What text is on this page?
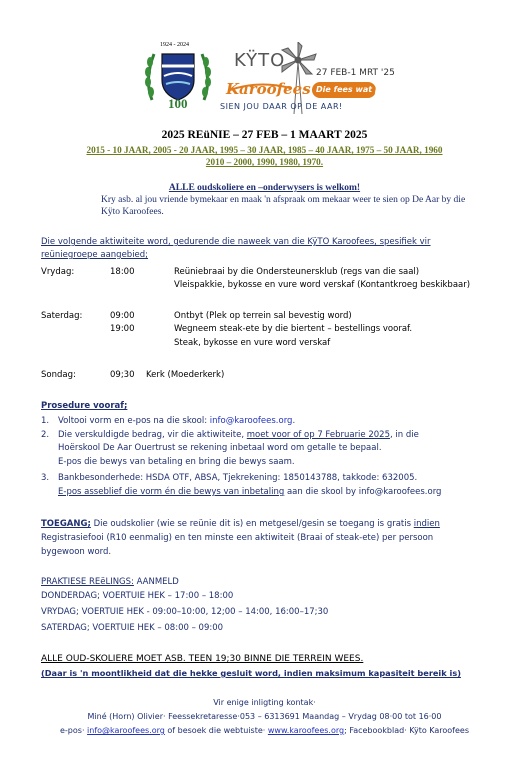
1924 - 2024
100
KŸTO
Karoofees
27 FEB-1 MRT '25
Die fees wat pomp
SIEN JOU DAAR OP DE AAR!
2025 REüNIE – 27 FEB – 1 MAART 2025
2015 - 10 JAAR, 2005 - 20 JAAR, 1995 – 30 JAAR, 1985 – 40 JAAR, 1975 – 50 JAAR, 1960
2010 – 2000, 1990, 1980, 1970.
ALLE oudskoliere en –onderwysers is welkom!
Kry asb. al jou vriende bymekaar en maak 'n afspraak om mekaar weer te sien op De Aar by die
Kÿto Karoofees.
Die volgende aktiwiteite word, gedurende die naweek van die KÿTO Karoofees, spesifiek vir
reüniegroepe aangebied;
Vrydag:	18:00	Reüniebraai by die Ondersteunersklub (regs van die saal)
Vleispakkie, bykosse en vure word verskaf (Kontantkroeg beskikbaar)
Saterdag:	09:00	Ontbyt (Plek op terrein sal bevestig word)
19:00	Wegneem steak-ete by die biertent – bestellings vooraf.
Steak, bykosse en vure word verskaf
Sondag:	09;30 Kerk (Moederkerk)
Prosedure vooraf;
1. Voltooi vorm en e-pos na die skool: info@karoofees.org.
2. Die verskuldigde bedrag, vir die aktiwiteite, moet voor of op 7 Februarie 2025, in die
Hoërskool De Aar Ouertrust se rekening inbetaal word om getalle te bepaal.
E-pos die bewys van betaling en bring die bewys saam.
3. Bankbesonderhede: HSDA OTF, ABSA, Tjekrekening: 1850143788, takkode: 632005.
E-pos asseblief die vorm én die bewys van inbetaling aan die skool by info@karoofees.org
TOEGANG; Die oudskolier (wie se reünie dit is) en metgesel/gesin se toegang is gratis indien
Registrasiefooi (R10 eenmalig) en ten minste een aktiwiteit (Braai of steak-ete) per persoon
bygewoon word.
PRAKTIESE REëLINGS: AANMELD
DONDERDAG; VOERTUIE HEK – 17:00 – 18:00
VRYDAG; VOERTUIE HEK - 09:00–10:00, 12;00 – 14:00, 16:00–17;30
SATERDAG; VOERTUIE HEK – 08:00 – 09:00
ALLE OUD-SKOLIERE MOET ASB. TEEN 19;30 BINNE DIE TERREIN WEES.
(Daar is 'n moontlikheid dat die hekke gesluit word, indien maksimum kapasiteit bereik is)
Vir enige inligting kontak·
Miné (Horn) Olivier· Feessekretaresse·053 – 6313691 Maandag – Vrydag 08·00 tot 16·00
e-pos· info@karoofees.org of besoek die webtuiste· www.karoofees.org; Facebookblad· Kÿto Karoofees
